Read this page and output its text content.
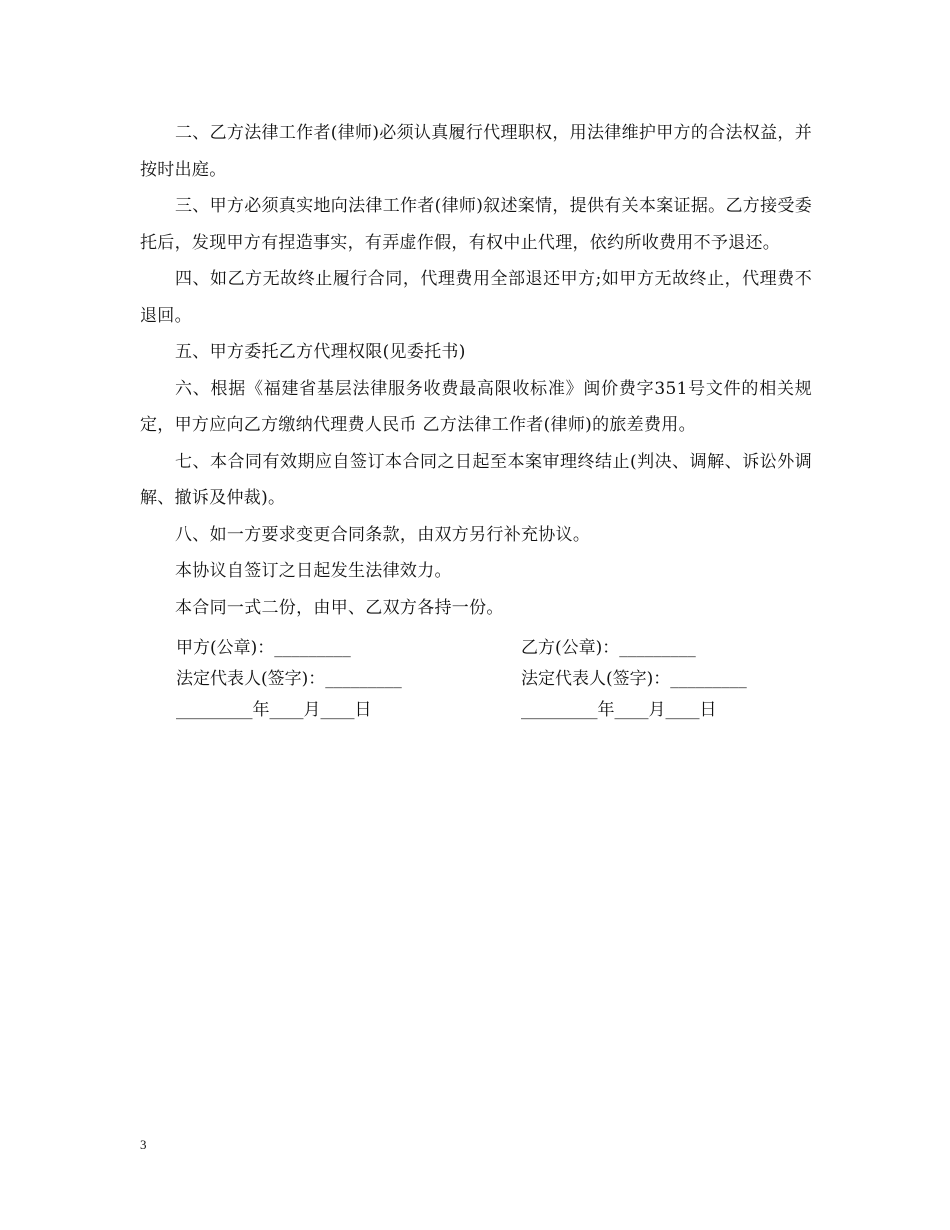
二、乙方法律工作者(律师)必须认真履行代理职权，用法律维护甲方的合法权益，并按时出庭。

三、甲方必须真实地向法律工作者(律师)叙述案情，提供有关本案证据。乙方接受委托后，发现甲方有捏造事实，有弄虚作假，有权中止代理，依约所收费用不予退还。

四、如乙方无故终止履行合同，代理费用全部退还甲方;如甲方无故终止，代理费不退回。

五、甲方委托乙方代理权限(见委托书)

六、根据《福建省基层法律服务收费最高限收标准》闽价费字351号文件的相关规定，甲方应向乙方缴纳代理费人民币 乙方法律工作者(律师)的旅差费用。

七、本合同有效期应自签订本合同之日起至本案审理终结止(判决、调解、诉讼外调解、撤诉及仲裁)。

八、如一方要求变更合同条款，由双方另行补充协议。

本协议自签订之日起发生法律效力。

本合同一式二份，由甲、乙双方各持一份。

甲方(公章)：_________	乙方(公章)：_________
法定代表人(签字)：_________	法定代表人(签字)：_________
_________年____月____日	_________年____月____日
3
